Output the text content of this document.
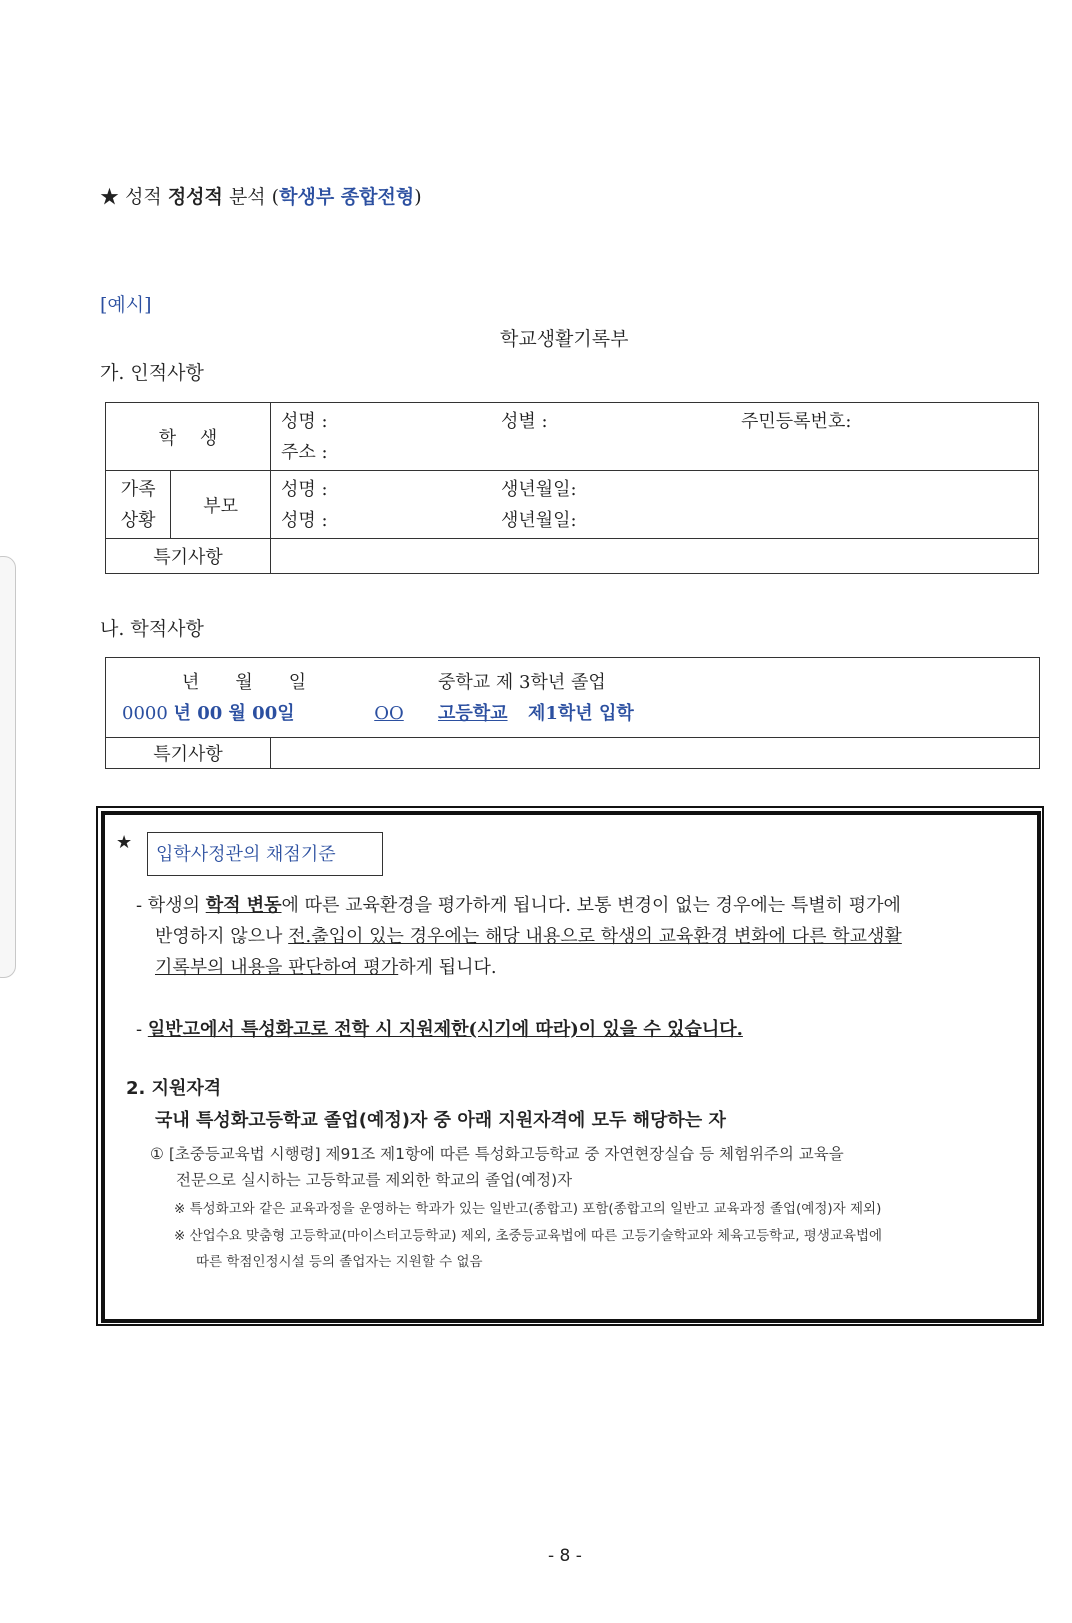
★ 성적 정성적 분석 (학생부 종합전형)
[예시]
학교생활기록부
가. 인적사항
학　 생		성명 : 성별 : 주민등록번호:
주소 :

가족
상황	부모	성명 : 생년월일:
성명 : 생년월일:

특기사항		
나. 학적사항
년　　월　　일	중학교 제 3학년 졸업
0000 년 00 월 00일	OO	고등학교 제1학년 입학

특기사항	
★
입학사정관의 채점기준
- 학생의 학적 변동에 따른 교육환경을 평가하게 됩니다. 보통 변경이 없는 경우에는 특별히 평가에
반영하지 않으나 전.출입이 있는 경우에는 해당 내용으로 학생의 교육환경 변화에 다른 학교생활
기록부의 내용을 판단하여 평가하게 됩니다.
- 일반고에서 특성화고로 전학 시 지원제한(시기에 따라)이 있을 수 있습니다.
2. 지원자격
국내 특성화고등학교 졸업(예정)자 중 아래 지원자격에 모두 해당하는 자
① [초중등교육법 시행령] 제91조 제1항에 따른 특성화고등학교 중 자연현장실습 등 체험위주의 교육을
전문으로 실시하는 고등학교를 제외한 학교의 졸업(예정)자
※ 특성화고와 같은 교육과정을 운영하는 학과가 있는 일반고(종합고) 포함(종합고의 일반고 교육과정 졸업(예정)자 제외)
※ 산업수요 맞춤형 고등학교(마이스터고등학교) 제외, 초중등교육법에 따른 고등기술학교와 체육고등학교, 평생교육법에
따른 학점인정시설 등의 졸업자는 지원할 수 없음
- 8 -
